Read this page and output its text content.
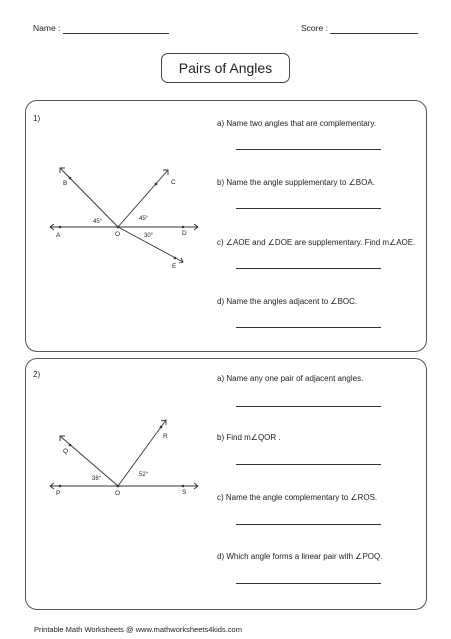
Name :	Score :
Pairs of Angles
1)
A
B	C
D
E
O
45°	45°
30°
a) Name two angles that are complementary.
b) Name the angle supplementary to ∠BOA.
c) ∠AOE and ∠DOE are supplementary. Find m∠AOE.
d) Name the angles adjacent to ∠BOC.
2)
P
Q
O
R
S
38°
52°
a) Name any one pair of adjacent angles.
b) Find m∠QOR .
c) Name the angle complementary to ∠ROS.
d) Which angle forms a linear pair with ∠POQ.
Printable Math Worksheets @ www.mathworksheets4kids.com
